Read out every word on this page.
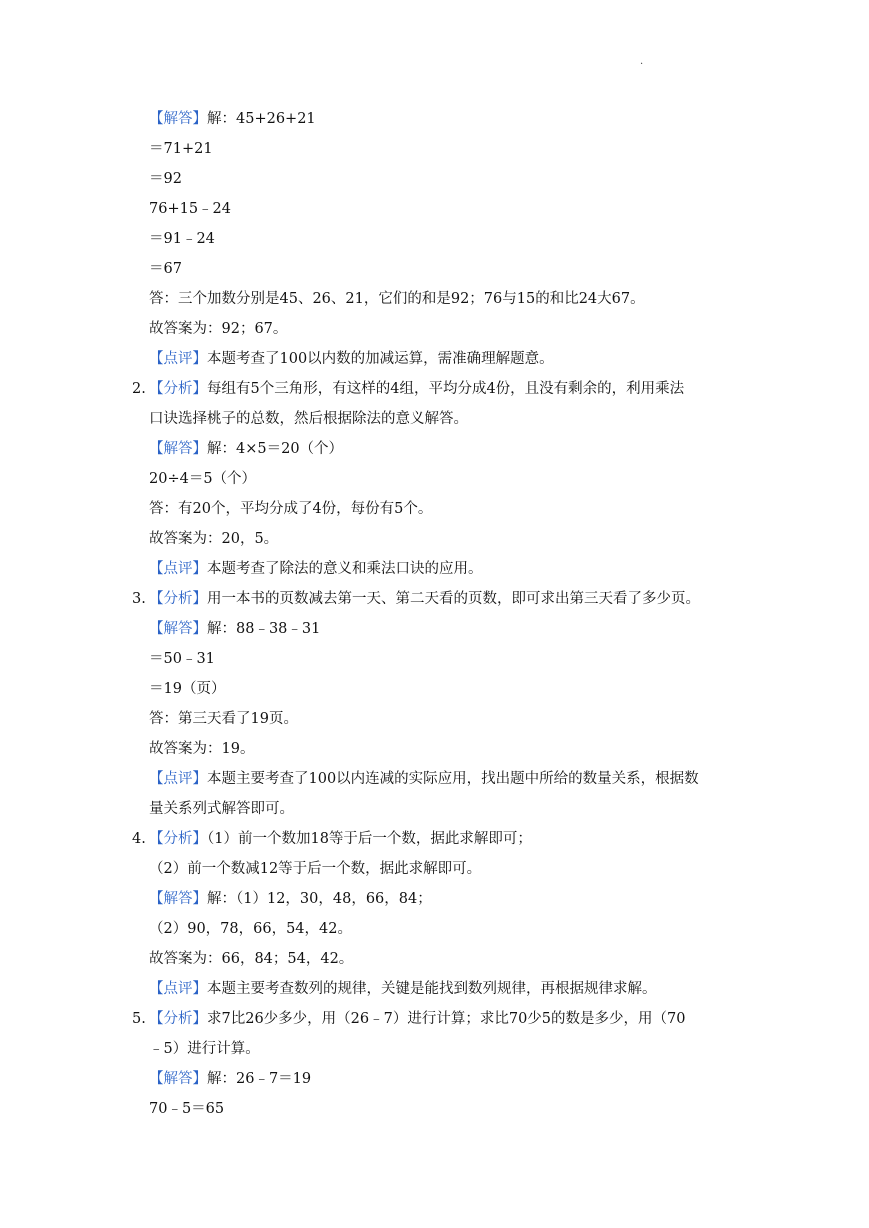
.
【解答】解：45+26+21
＝71+21
＝92
76+15﹣24
＝91﹣24
＝67
答：三个加数分别是45、26、21，它们的和是92；76与15的和比24大67。
故答案为：92；67。
【点评】本题考查了100以内数的加减运算，需准确理解题意。
2. 【分析】每组有5个三角形，有这样的4组，平均分成4份，且没有剩余的，利用乘法
口诀选择桃子的总数，然后根据除法的意义解答。
【解答】解：4×5＝20（个）
20÷4＝5（个）
答：有20个，平均分成了4份，每份有5个。
故答案为：20，5。
【点评】本题考查了除法的意义和乘法口诀的应用。
3. 【分析】用一本书的页数减去第一天、第二天看的页数，即可求出第三天看了多少页。
【解答】解：88﹣38﹣31
＝50﹣31
＝19（页）
答：第三天看了19页。
故答案为：19。
【点评】本题主要考查了100以内连减的实际应用，找出题中所给的数量关系，根据数
量关系列式解答即可。
4. 【分析】（1）前一个数加18等于后一个数，据此求解即可；
（2）前一个数减12等于后一个数，据此求解即可。
【解答】解：（1）12，30，48，66，84；
（2）90，78，66，54，42。
故答案为：66，84；54，42。
【点评】本题主要考查数列的规律，关键是能找到数列规律，再根据规律求解。
5. 【分析】求7比26少多少，用（26﹣7）进行计算；求比70少5的数是多少，用（70
﹣5）进行计算。
【解答】解：26﹣7＝19
70﹣5＝65
